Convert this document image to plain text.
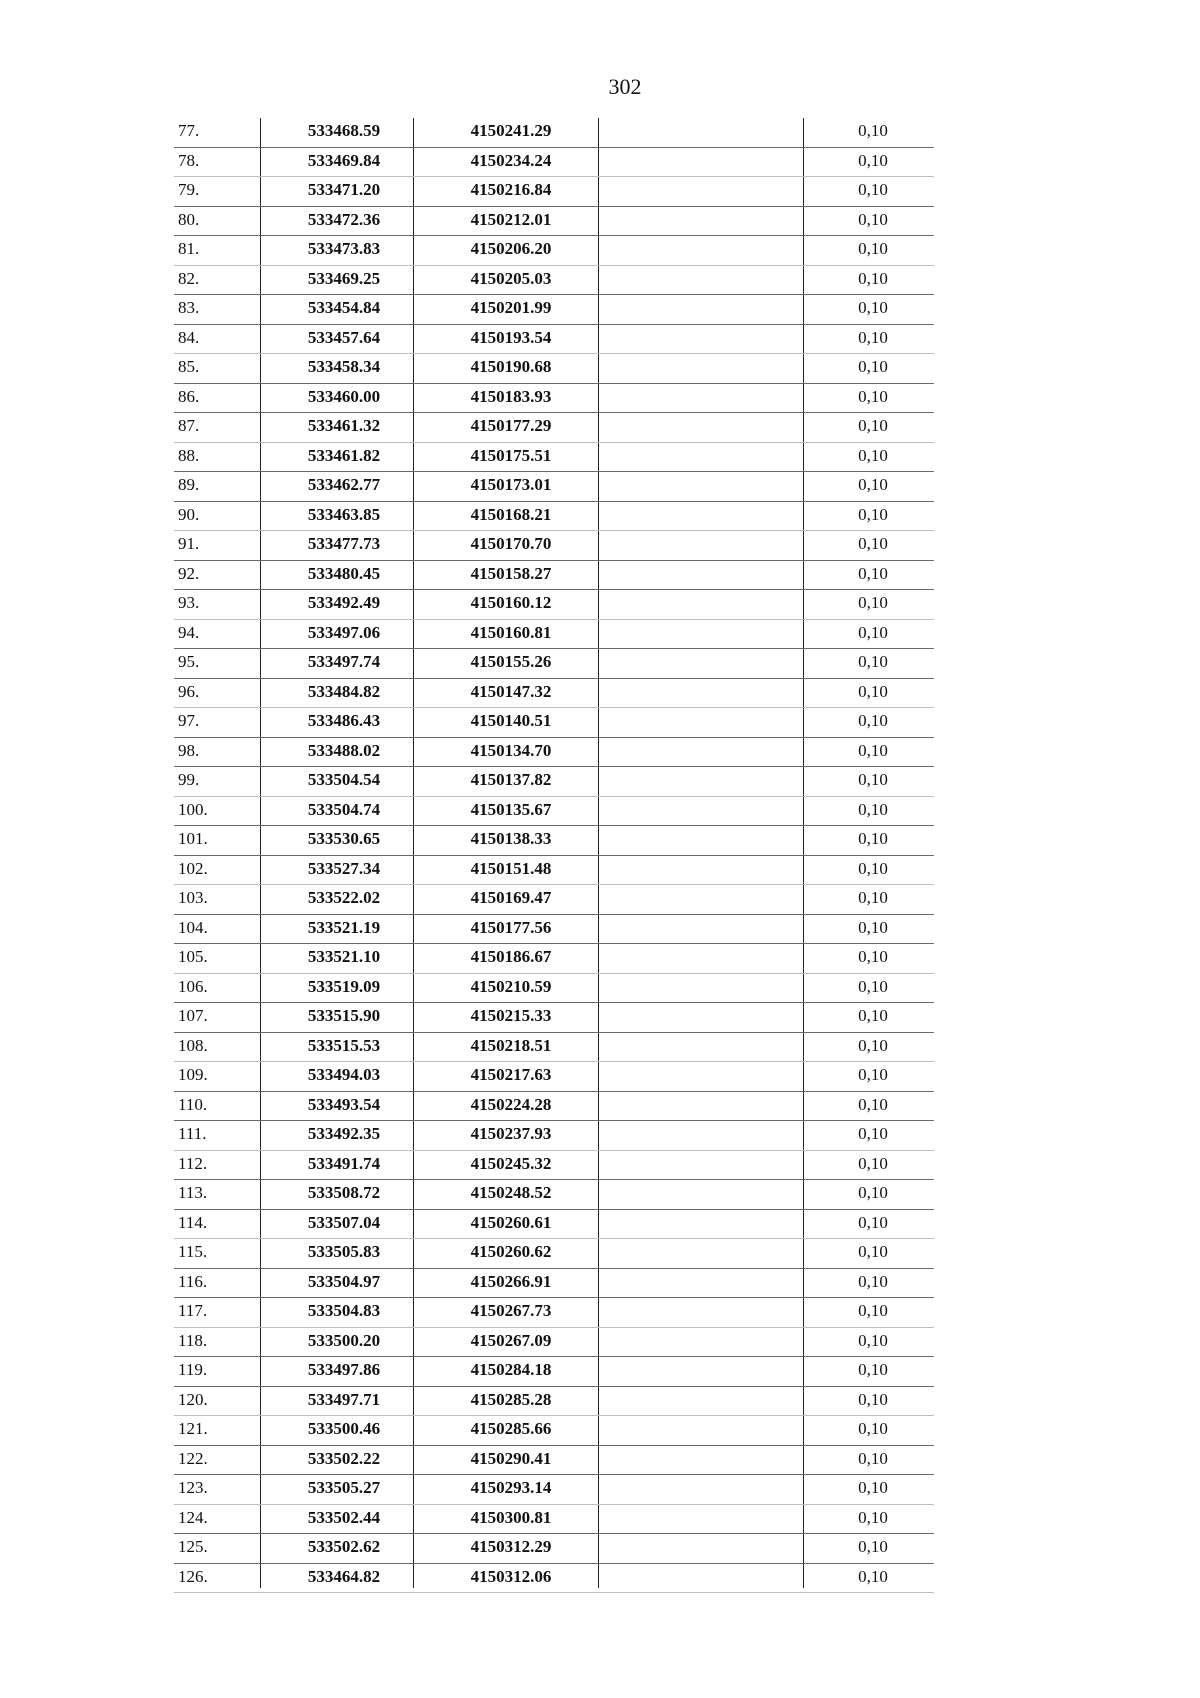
302
77.	533468.59	4150241.29	0,10
78.	533469.84	4150234.24	0,10
79.	533471.20	4150216.84	0,10
80.	533472.36	4150212.01	0,10
81.	533473.83	4150206.20	0,10
82.	533469.25	4150205.03	0,10
83.	533454.84	4150201.99	0,10
84.	533457.64	4150193.54	0,10
85.	533458.34	4150190.68	0,10
86.	533460.00	4150183.93	0,10
87.	533461.32	4150177.29	0,10
88.	533461.82	4150175.51	0,10
89.	533462.77	4150173.01	0,10
90.	533463.85	4150168.21	0,10
91.	533477.73	4150170.70	0,10
92.	533480.45	4150158.27	0,10
93.	533492.49	4150160.12	0,10
94.	533497.06	4150160.81	0,10
95.	533497.74	4150155.26	0,10
96.	533484.82	4150147.32	0,10
97.	533486.43	4150140.51	0,10
98.	533488.02	4150134.70	0,10
99.	533504.54	4150137.82	0,10
100.	533504.74	4150135.67	0,10
101.	533530.65	4150138.33	0,10
102.	533527.34	4150151.48	0,10
103.	533522.02	4150169.47	0,10
104.	533521.19	4150177.56	0,10
105.	533521.10	4150186.67	0,10
106.	533519.09	4150210.59	0,10
107.	533515.90	4150215.33	0,10
108.	533515.53	4150218.51	0,10
109.	533494.03	4150217.63	0,10
110.	533493.54	4150224.28	0,10
111.	533492.35	4150237.93	0,10
112.	533491.74	4150245.32	0,10
113.	533508.72	4150248.52	0,10
114.	533507.04	4150260.61	0,10
115.	533505.83	4150260.62	0,10
116.	533504.97	4150266.91	0,10
117.	533504.83	4150267.73	0,10
118.	533500.20	4150267.09	0,10
119.	533497.86	4150284.18	0,10
120.	533497.71	4150285.28	0,10
121.	533500.46	4150285.66	0,10
122.	533502.22	4150290.41	0,10
123.	533505.27	4150293.14	0,10
124.	533502.44	4150300.81	0,10
125.	533502.62	4150312.29	0,10
126.	533464.82	4150312.06	0,10
